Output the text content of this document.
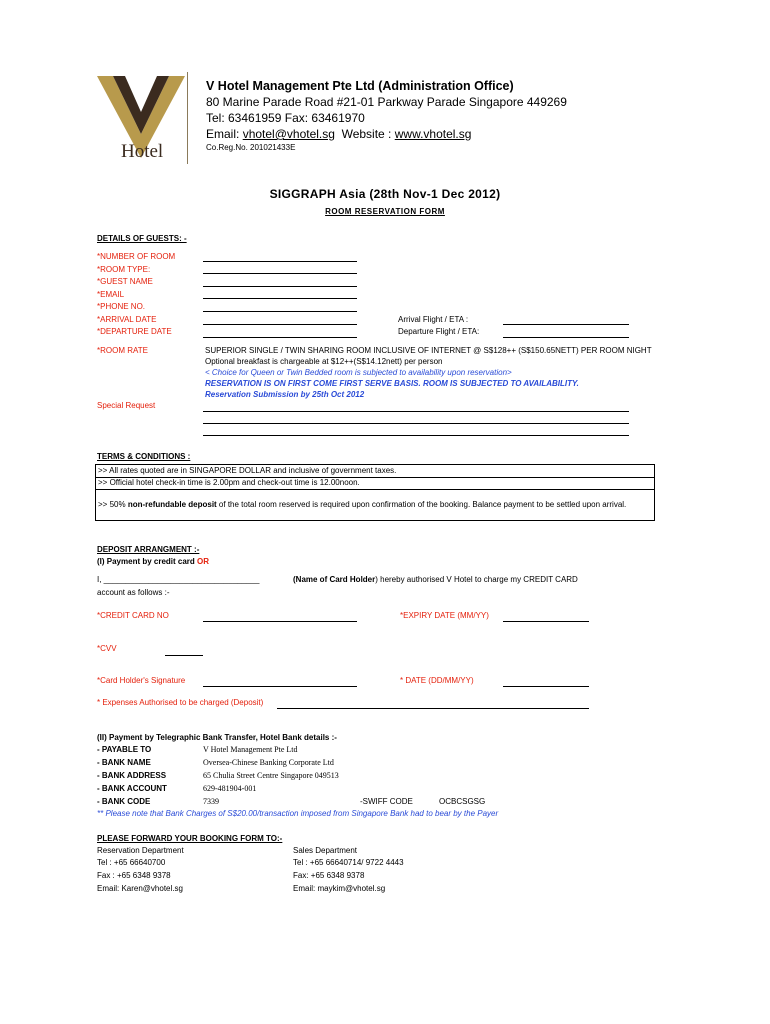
Hotel
V Hotel Management Pte Ltd (Administration Office)
80 Marine Parade Road #21-01 Parkway Parade Singapore 449269
Tel: 63461959 Fax: 63461970
Email: vhotel@vhotel.sg  Website : www.vhotel.sg
Co.Reg.No. 201021433E
SIGGRAPH Asia (28th Nov-1 Dec 2012)
ROOM RESERVATION FORM
DETAILS OF GUESTS: -
*NUMBER OF ROOM
*ROOM TYPE:
*GUEST NAME
*EMAIL
*PHONE NO.
*ARRIVAL DATE
*DEPARTURE DATE
Arrival Flight / ETA :
Departure Flight / ETA:
*ROOM RATE	SUPERIOR SINGLE / TWIN SHARING ROOM INCLUSIVE OF INTERNET @ S$128++ (S$150.65NETT) PER ROOM NIGHT
Optional breakfast is chargeable at $12++(S$14.12nett) per person
< Choice for Queen or Twin Bedded room is subjected to availability upon reservation>
RESERVATION IS ON FIRST COME FIRST SERVE BASIS. ROOM IS SUBJECTED TO AVAILABILITY.
Reservation Submission by 25th Oct 2012
Special Request
TERMS & CONDITIONS :
>> All rates quoted are in SINGAPORE DOLLAR and inclusive of government taxes.
>> Official hotel check-in time is 2.00pm and check-out time is 12.00noon.
>> 50% non-refundable deposit of the total room reserved is required upon confirmation of the booking. Balance payment to be settled upon arrival.
DEPOSIT ARRANGMENT :-
(I) Payment by credit card OR
I, ___________________________________	(Name of Card Holder) hereby authorised V Hotel to charge my CREDIT CARD
account as follows :-
*CREDIT CARD NO	*EXPIRY DATE (MM/YY)
*CVV
*Card Holder's Signature	* DATE (DD/MM/YY)
* Expenses Authorised to be charged (Deposit)
(II) Payment by Telegraphic Bank Transfer, Hotel Bank details :-
- PAYABLE TO	V Hotel Management Pte Ltd
- BANK NAME	Oversea-Chinese Banking Corporate Ltd
- BANK ADDRESS	65 Chulia Street Centre Singapore 049513
- BANK ACCOUNT	629-481904-001
- BANK CODE	7339	-SWIFF CODE	OCBCSGSG
** Please note that Bank Charges of S$20.00/transaction imposed from Singapore Bank had to bear by the Payer
PLEASE FORWARD YOUR BOOKING FORM TO:-
Reservation Department
Tel : +65 66640700
Fax : +65 6348 9378
Email: Karen@vhotel.sg
Sales Department
Tel : +65 66640714/ 9722 4443
Fax: +65 6348 9378
Email: maykim@vhotel.sg
